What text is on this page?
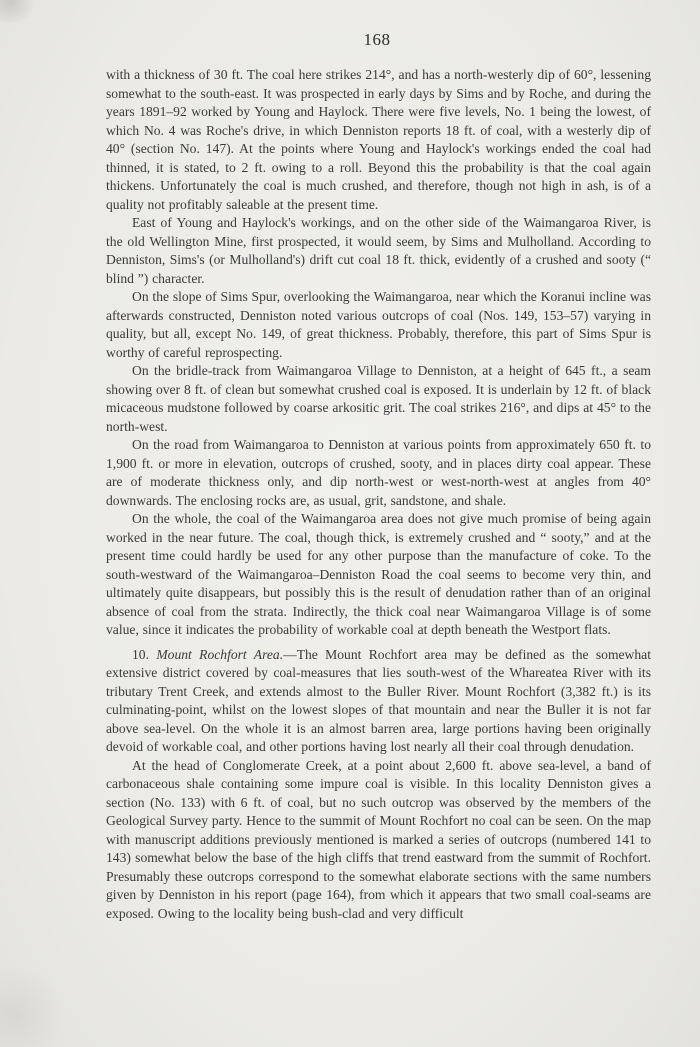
168

with a thickness of 30 ft. The coal here strikes 214°, and has a north-westerly dip of 60°, lessening somewhat to the south-east. It was prospected in early days by Sims and by Roche, and during the years 1891–92 worked by Young and Haylock. There were five levels, No. 1 being the lowest, of which No. 4 was Roche's drive, in which Denniston reports 18 ft. of coal, with a westerly dip of 40° (section No. 147). At the points where Young and Haylock's workings ended the coal had thinned, it is stated, to 2 ft. owing to a roll. Beyond this the probability is that the coal again thickens. Unfortunately the coal is much crushed, and therefore, though not high in ash, is of a quality not profitably saleable at the present time.

East of Young and Haylock's workings, and on the other side of the Waimangaroa River, is the old Wellington Mine, first prospected, it would seem, by Sims and Mulholland. According to Denniston, Sims's (or Mulholland's) drift cut coal 18 ft. thick, evidently of a crushed and sooty (“ blind ”) character.

On the slope of Sims Spur, overlooking the Waimangaroa, near which the Koranui incline was afterwards constructed, Denniston noted various outcrops of coal (Nos. 149, 153–57) varying in quality, but all, except No. 149, of great thickness. Probably, therefore, this part of Sims Spur is worthy of careful reprospecting.

On the bridle-track from Waimangaroa Village to Denniston, at a height of 645 ft., a seam showing over 8 ft. of clean but somewhat crushed coal is exposed. It is underlain by 12 ft. of black micaceous mudstone followed by coarse arkositic grit. The coal strikes 216°, and dips at 45° to the north-west.

On the road from Waimangaroa to Denniston at various points from approximately 650 ft. to 1,900 ft. or more in elevation, outcrops of crushed, sooty, and in places dirty coal appear. These are of moderate thickness only, and dip north-west or west-north-west at angles from 40° downwards. The enclosing rocks are, as usual, grit, sandstone, and shale.

On the whole, the coal of the Waimangaroa area does not give much promise of being again worked in the near future. The coal, though thick, is extremely crushed and “ sooty,” and at the present time could hardly be used for any other purpose than the manufacture of coke. To the south-westward of the Waimangaroa–Denniston Road the coal seems to become very thin, and ultimately quite disappears, but possibly this is the result of denudation rather than of an original absence of coal from the strata. Indirectly, the thick coal near Waimangaroa Village is of some value, since it indicates the probability of workable coal at depth beneath the Westport flats.

10. Mount Rochfort Area.—The Mount Rochfort area may be defined as the somewhat extensive district covered by coal-measures that lies south-west of the Whareatea River with its tributary Trent Creek, and extends almost to the Buller River. Mount Rochfort (3,382 ft.) is its culminating-point, whilst on the lowest slopes of that mountain and near the Buller it is not far above sea-level. On the whole it is an almost barren area, large portions having been originally devoid of workable coal, and other portions having lost nearly all their coal through denudation.

At the head of Conglomerate Creek, at a point about 2,600 ft. above sea-level, a band of carbonaceous shale containing some impure coal is visible. In this locality Denniston gives a section (No. 133) with 6 ft. of coal, but no such outcrop was observed by the members of the Geological Survey party. Hence to the summit of Mount Rochfort no coal can be seen. On the map with manuscript additions previously mentioned is marked a series of outcrops (numbered 141 to 143) somewhat below the base of the high cliffs that trend eastward from the summit of Rochfort. Presumably these outcrops correspond to the somewhat elaborate sections with the same numbers given by Denniston in his report (page 164), from which it appears that two small coal-seams are exposed. Owing to the locality being bush-clad and very difficult
